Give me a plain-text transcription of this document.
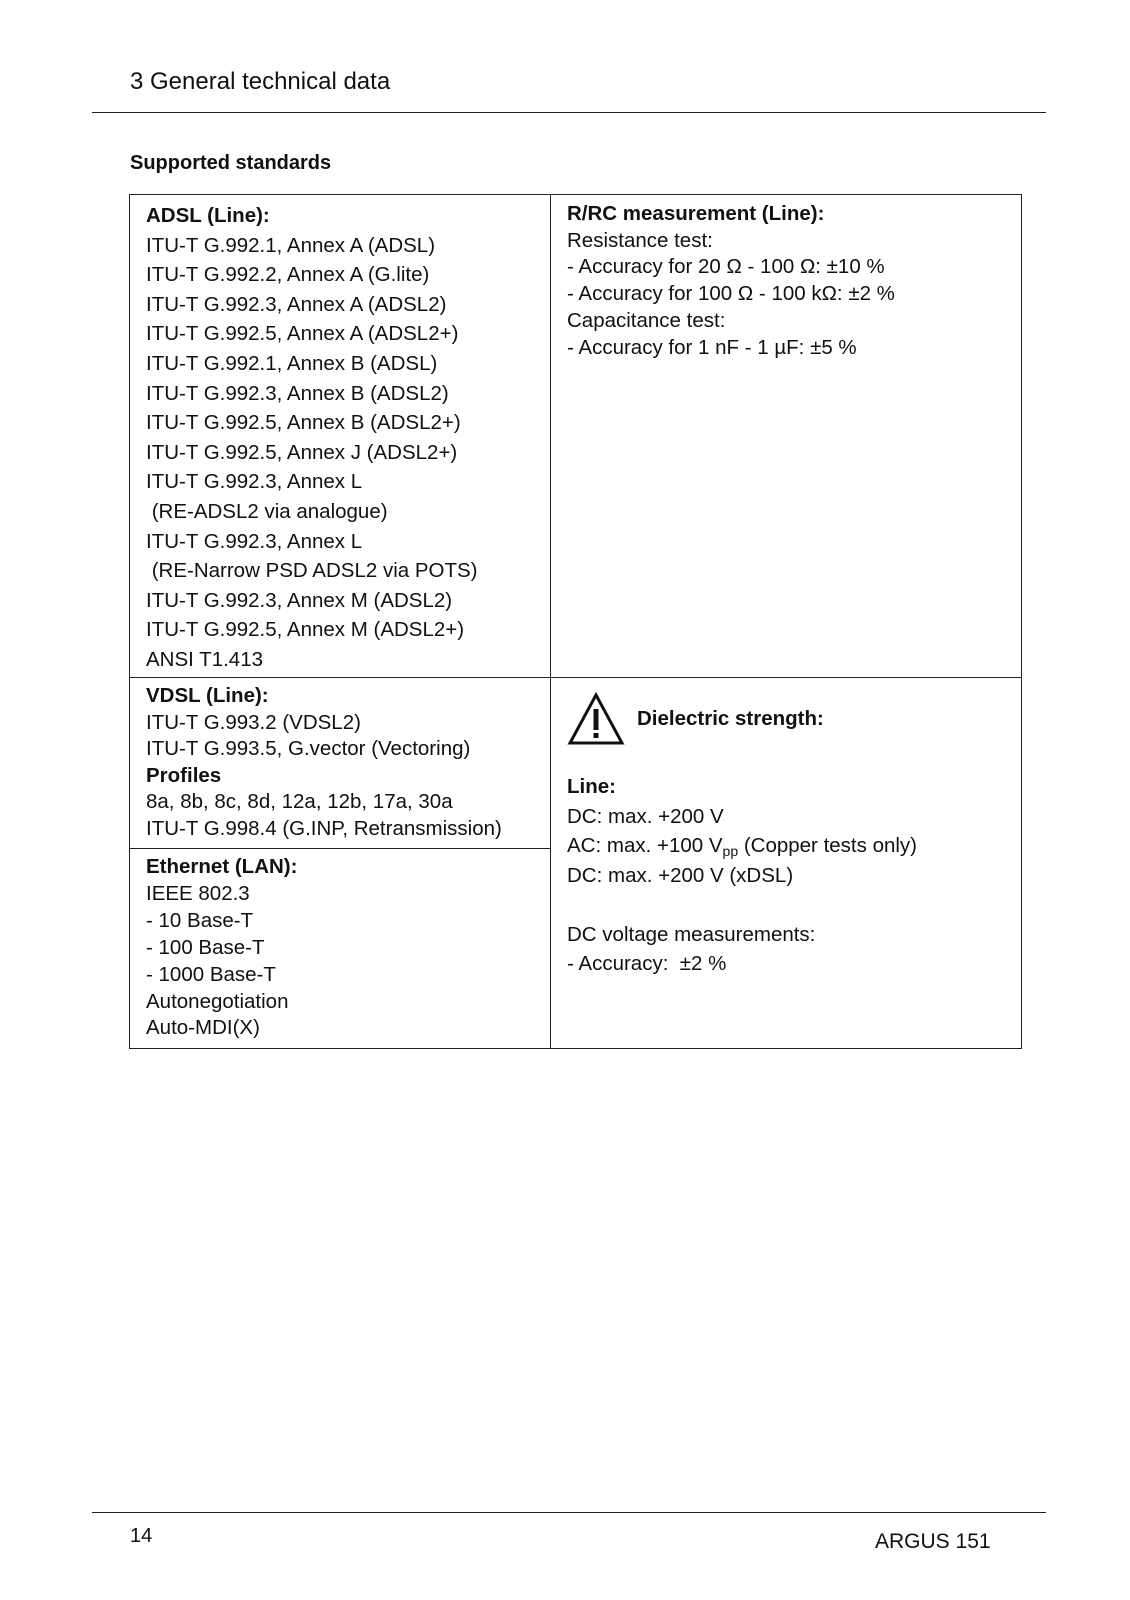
3 General technical data
Supported standards
ADSL (Line):
ITU-T G.992.1, Annex A (ADSL)
ITU-T G.992.2, Annex A (G.lite)
ITU-T G.992.3, Annex A (ADSL2)
ITU-T G.992.5, Annex A (ADSL2+)
ITU-T G.992.1, Annex B (ADSL)
ITU-T G.992.3, Annex B (ADSL2)
ITU-T G.992.5, Annex B (ADSL2+)
ITU-T G.992.5, Annex J (ADSL2+)
ITU-T G.992.3, Annex L
(RE-ADSL2 via analogue)
ITU-T G.992.3, Annex L
(RE-Narrow PSD ADSL2 via POTS)
ITU-T G.992.3, Annex M (ADSL2)
ITU-T G.992.5, Annex M (ADSL2+)
ANSI T1.413
R/RC measurement (Line):
Resistance test:
- Accuracy for 20 Ω - 100 Ω: ±10 %
- Accuracy for 100 Ω - 100 kΩ: ±2 %
Capacitance test:
- Accuracy for 1 nF - 1 µF: ±5 %
VDSL (Line):
ITU-T G.993.2 (VDSL2)
ITU-T G.993.5, G.vector (Vectoring)
Profiles
8a, 8b, 8c, 8d, 12a, 12b, 17a, 30a
ITU-T G.998.4 (G.INP, Retransmission)
Ethernet (LAN):
IEEE 802.3
- 10 Base-T
- 100 Base-T
- 1000 Base-T
Autonegotiation
Auto-MDI(X)
Dielectric strength:
Line:
DC: max. +200 V
AC: max. +100 $V_{pp}$ (Copper tests only)
DC: max. +200 V (xDSL)
DC voltage measurements:
- Accuracy:  ±2 %
14	ARGUS 151
